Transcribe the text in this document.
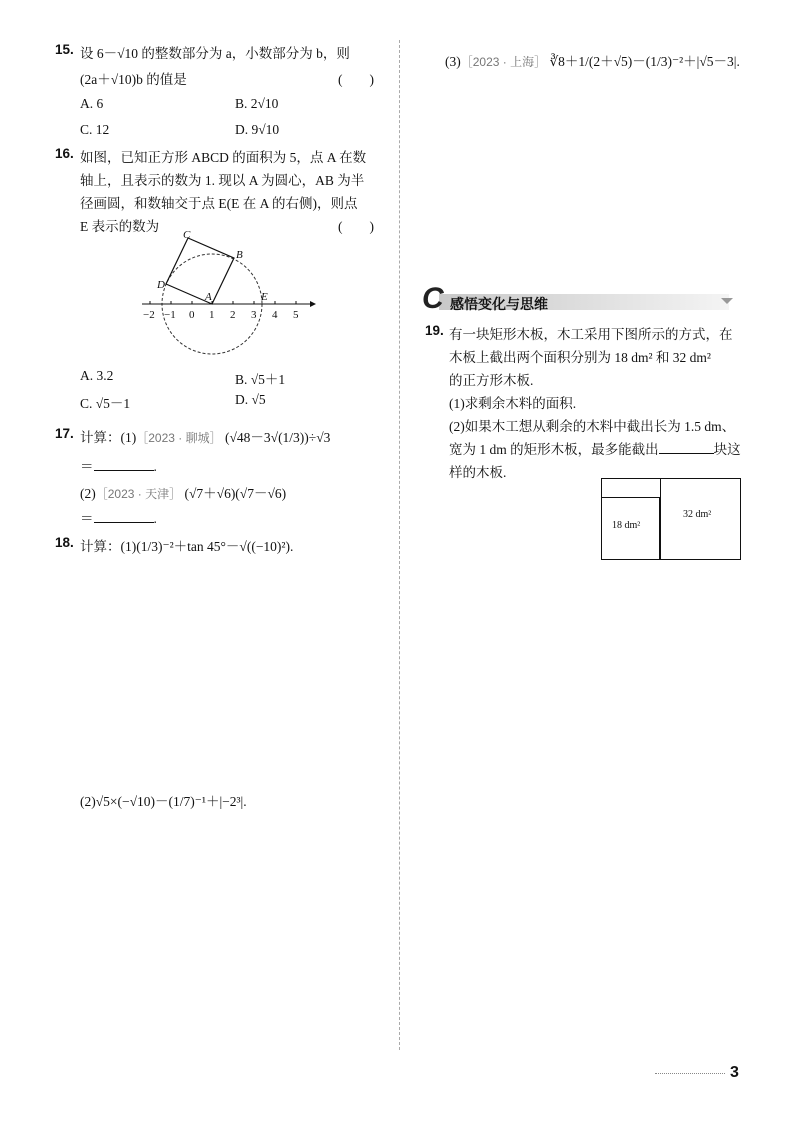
15. 设 6－√10 的整数部分为 a，小数部分为 b，则
(2a＋√10)b 的值是	(　　)
A. 6	B. 2√10
C. 12	D. 9√10
16. 如图，已知正方形 ABCD 的面积为 5，点 A 在数
轴上，且表示的数为 1. 现以 A 为圆心，AB 为半
径画圆，和数轴交于点 E(E 在 A 的右侧)，则点
E 表示的数为	(　　)
−2 −1 0 1 2 3 4 5
C
B
D
A	E
A. 3.2	B. √5＋1
C. √5－1	D. √5
17. 计算：(1)［2023 · 聊城］ (√48－3√(1/3))÷√3
＝	.
(2)［2023 · 天津］ (√7＋√6)(√7－√6)
＝	.
18. 计算：(1)(1/3)⁻²＋tan 45°－√((−10)²).
(2)√5×(−√10)－(1/7)⁻¹＋|−2³|.
(3)［2023 · 上海］ ∛8＋1/(2＋√5)－(1/3)⁻²＋|√5－3|.
C 感悟变化与思维
19. 有一块矩形木板，木工采用下图所示的方式，在
木板上截出两个面积分别为 18 dm² 和 32 dm²
的正方形木板.
(1)求剩余木料的面积.
(2)如果木工想从剩余的木料中截出长为 1.5 dm、
宽为 1 dm 的矩形木板，最多能截出	块这
样的木板.
18 dm²
32 dm²
3
